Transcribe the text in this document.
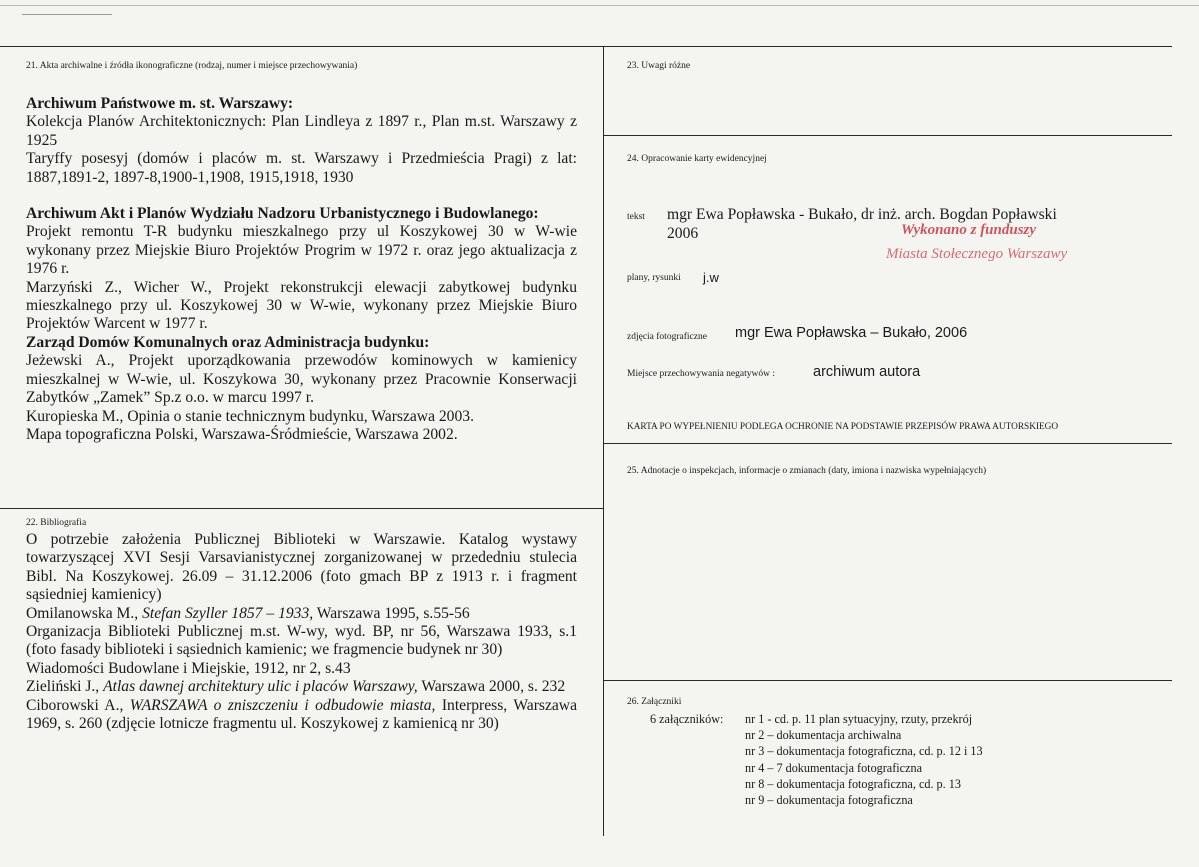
21. Akta archiwalne i źródła ikonograficzne (rodzaj, numer i miejsce przechowywania)
Archiwum Państwowe m. st. Warszawy:
Kolekcja Planów Architektonicznych: Plan Lindleya z 1897 r., Plan m.st. Warszawy z 1925
Taryffy posesyj (domów i placów m. st. Warszawy i Przedmieścia Pragi) z lat: 1887,1891-2, 1897-8,1900-1,1908, 1915,1918, 1930
Archiwum Akt i Planów Wydziału Nadzoru Urbanistycznego i Budowlanego:
Projekt remontu T-R budynku mieszkalnego przy ul Koszykowej 30 w W-wie wykonany przez Miejskie Biuro Projektów Progrim w 1972 r. oraz jego aktualizacja z 1976 r.
Marzyński Z., Wicher W., Projekt rekonstrukcji elewacji zabytkowej budynku mieszkalnego przy ul. Koszykowej 30 w W-wie, wykonany przez Miejskie Biuro Projektów Warcent w 1977 r.
Zarząd Domów Komunalnych oraz Administracja budynku:
Jeżewski A., Projekt uporządkowania przewodów kominowych w kamienicy mieszkalnej w W-wie, ul. Koszykowa 30, wykonany przez Pracownie Konserwacji Zabytków „Zamek” Sp.z o.o. w marcu 1997 r.
Kuropieska M., Opinia o stanie technicznym budynku, Warszawa 2003.
Mapa topograficzna Polski, Warszawa-Śródmieście, Warszawa 2002.
22. Bibliografia
O potrzebie założenia Publicznej Biblioteki w Warszawie. Katalog wystawy towarzyszącej XVI Sesji Varsavianistycznej zorganizowanej w przededniu stulecia Bibl. Na Koszykowej. 26.09 – 31.12.2006 (foto gmach BP z 1913 r. i fragment sąsiedniej kamienicy)
Omilanowska M., Stefan Szyller 1857 – 1933, Warszawa 1995, s.55-56
Organizacja Biblioteki Publicznej m.st. W-wy, wyd. BP, nr 56, Warszawa 1933, s.1 (foto fasady biblioteki i sąsiednich kamienic; we fragmencie budynek nr 30)
Wiadomości Budowlane i Miejskie, 1912, nr 2, s.43
Zieliński J., Atlas dawnej architektury ulic i placów Warszawy, Warszawa 2000, s. 232
Ciborowski A., WARSZAWA o zniszczeniu i odbudowie miasta, Interpress, Warszawa 1969, s. 260 (zdjęcie lotnicze fragmentu ul. Koszykowej z kamienicą nr 30)
23. Uwagi różne
24. Opracowanie karty ewidencyjnej
tekst mgr Ewa Popławska - Bukało, dr inż. arch. Bogdan Popławski
2006	Wykonano z funduszy
Miasta Stołecznego Warszawy
plany, rysunki j.w
zdjęcia fotograficzne mgr Ewa Popławska – Bukało, 2006
Miejsce przechowywania negatywów :	archiwum autora
KARTA PO WYPEŁNIENIU PODLEGA OCHRONIE NA PODSTAWIE PRZEPISÓW PRAWA AUTORSKIEGO
25. Adnotacje o inspekcjach, informacje o zmianach (daty, imiona i nazwiska wypełniających)
26. Załączniki
6 załączników:	nr 1 - cd. p. 11 plan sytuacyjny, rzuty, przekrój
nr 2 – dokumentacja archiwalna
nr 3 – dokumentacja fotograficzna, cd. p. 12 i 13
nr 4 – 7 dokumentacja fotograficzna
nr 8 – dokumentacja fotograficzna, cd. p. 13
nr 9 – dokumentacja fotograficzna
